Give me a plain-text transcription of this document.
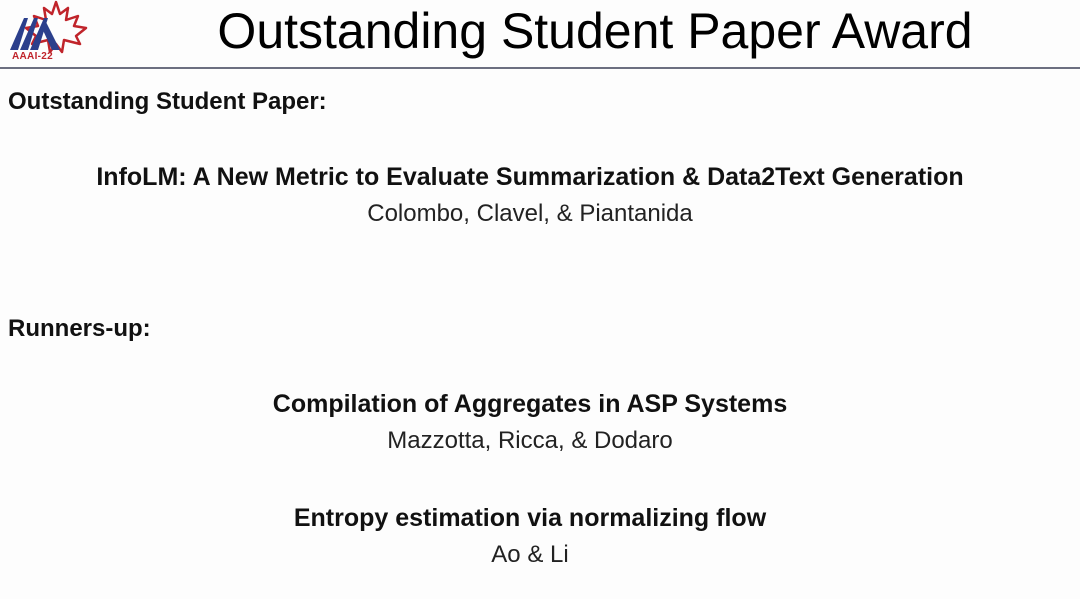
AAAI-22	Outstanding Student Paper Award
Outstanding Student Paper:
InfoLM: A New Metric to Evaluate Summarization & Data2Text Generation
Colombo, Clavel, & Piantanida
Runners-up:
Compilation of Aggregates in ASP Systems
Mazzotta, Ricca, & Dodaro
Entropy estimation via normalizing flow
Ao & Li
